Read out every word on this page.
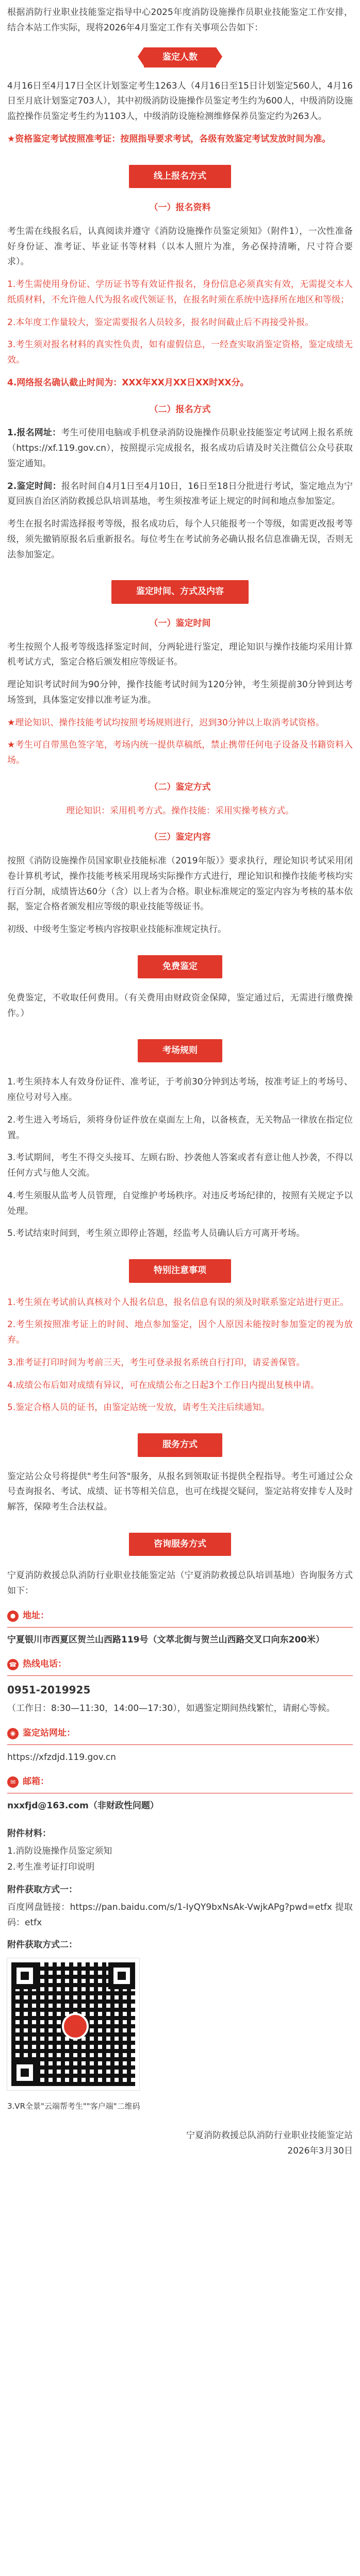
根据消防行业职业技能鉴定指导中心2025年度消防设施操作员职业技能鉴定工作安排，结合本站工作实际，现将2026年4月鉴定工作有关事项公告如下：

鉴定人数

4月16日至4月17日全区计划鉴定考生1263人（4月16日至15日计划鉴定560人，4月16日至月底计划鉴定703人），其中初级消防设施操作员鉴定考生约为600人，中级消防设施监控操作员鉴定考生约为1103人，中级消防设施检测维修保养员鉴定约为263人。

★资格鉴定考试按照准考证：按照指导要求考试，各级有效鉴定考试发放时间为准。

线上报名方式
（一）报名资料

考生需在线报名后，认真阅读并遵守《消防设施操作员鉴定须知》（附件1），一次性准备好身份证、准考证、毕业证书等材料（以本人照片为准，务必保持清晰，尺寸符合要求）。

1.考生需使用身份证、学历证书等有效证件报名，身份信息必须真实有效，无需提交本人纸质材料，不允许他人代为报名或代领证书，在报名时须在系统中选择所在地区和等级；

2.本年度工作量较大，鉴定需要报名人员较多，报名时间截止后不再接受补报。

3.考生须对报名材料的真实性负责，如有虚假信息，一经查实取消鉴定资格，鉴定成绩无效。

4.网络报名确认截止时间为：XXX年XX月XX日XX时XX分。

（二）报名方式

1.报名网址：考生可使用电脑或手机登录消防设施操作员职业技能鉴定考试网上报名系统（https://xf.119.gov.cn），按照提示完成报名，报名成功后请及时关注微信公众号获取鉴定通知。

2.鉴定时间：报名时间自4月1日至4月10日，16日至18日分批进行考试，鉴定地点为宁夏回族自治区消防救援总队培训基地，考生须按准考证上规定的时间和地点参加鉴定。

考生在报名时需选择报考等级，报名成功后，每个人只能报考一个等级，如需更改报考等级，须先撤销原报名后重新报名。每位考生在考试前务必确认报名信息准确无误，否则无法参加鉴定。

鉴定时间、方式及内容
（一）鉴定时间

考生按照个人报考等级选择鉴定时间，分两轮进行鉴定，理论知识与操作技能均采用计算机考试方式，鉴定合格后颁发相应等级证书。

理论知识考试时间为90分钟，操作技能考试时间为120分钟，考生须提前30分钟到达考场签到，具体鉴定安排以准考证为准。

★理论知识、操作技能考试均按照考场规则进行，迟到30分钟以上取消考试资格。

★考生可自带黑色签字笔，考场内统一提供草稿纸，禁止携带任何电子设备及书籍资料入场。

（二）鉴定方式

理论知识：采用机考方式。操作技能：采用实操考核方式。

（三）鉴定内容

按照《消防设施操作员国家职业技能标准（2019年版）》要求执行，理论知识考试采用闭卷计算机考试，操作技能考核采用现场实际操作方式进行，理论知识和操作技能考核均实行百分制，成绩皆达60分（含）以上者为合格。职业标准规定的鉴定内容为考核的基本依据，鉴定合格者颁发相应等级的职业技能等级证书。

初级、中级考生鉴定考核内容按职业技能标准规定执行。

免费鉴定

免费鉴定，不收取任何费用。（有关费用由财政资金保障，鉴定通过后，无需进行缴费操作。）

考场规则

1.考生须持本人有效身份证件、准考证，于考前30分钟到达考场，按准考证上的考场号、座位号对号入座。

2.考生进入考场后，须将身份证件放在桌面左上角，以备核查，无关物品一律放在指定位置。

3.考试期间，考生不得交头接耳、左顾右盼、抄袭他人答案或者有意让他人抄袭，不得以任何方式与他人交流。

4.考生须服从监考人员管理，自觉维护考场秩序。对违反考场纪律的，按照有关规定予以处理。

5.考试结束时间到，考生须立即停止答题，经监考人员确认后方可离开考场。

特别注意事项

1.考生须在考试前认真核对个人报名信息，报名信息有误的须及时联系鉴定站进行更正。

2.考生须按照准考证上的时间、地点参加鉴定，因个人原因未能按时参加鉴定的视为放弃。

3.准考证打印时间为考前三天，考生可登录报名系统自行打印，请妥善保管。

4.成绩公布后如对成绩有异议，可在成绩公布之日起3个工作日内提出复核申请。

5.鉴定合格人员的证书，由鉴定站统一发放，请考生关注后续通知。

服务方式

鉴定站公众号将提供"考生问答"服务，从报名到领取证书提供全程指导。考生可通过公众号查询报名、考试、成绩、证书等相关信息，也可在线提交疑问，鉴定站将安排专人及时解答，保障考生合法权益。

咨询服务方式

宁夏消防救援总队消防行业职业技能鉴定站（宁夏消防救援总队培训基地）咨询服务方式如下：

● 地址：

宁夏银川市西夏区贺兰山西路119号（文萃北街与贺兰山西路交叉口向东200米）

☎ 热线电话：

0951-2019925

（工作日：8:30—11:30，14:00—17:30），如遇鉴定期间热线繁忙，请耐心等候。

◉ 鉴定站网址：

https://xfzdjd.119.gov.cn

✉ 邮箱：

nxxfjd@163.com（非财政性问题）

附件材料：

1.消防设施操作员鉴定须知

2.考生准考证打印说明

附件获取方式一：

百度网盘链接：https://pan.baidu.com/s/1-IyQY9bxNsAk-VwjkAPg?pwd=etfx 提取码：etfx

附件获取方式二：

3.VR全景"云端帮考生""客户端"二维码

宁夏消防救援总队消防行业职业技能鉴定站

2026年3月30日
